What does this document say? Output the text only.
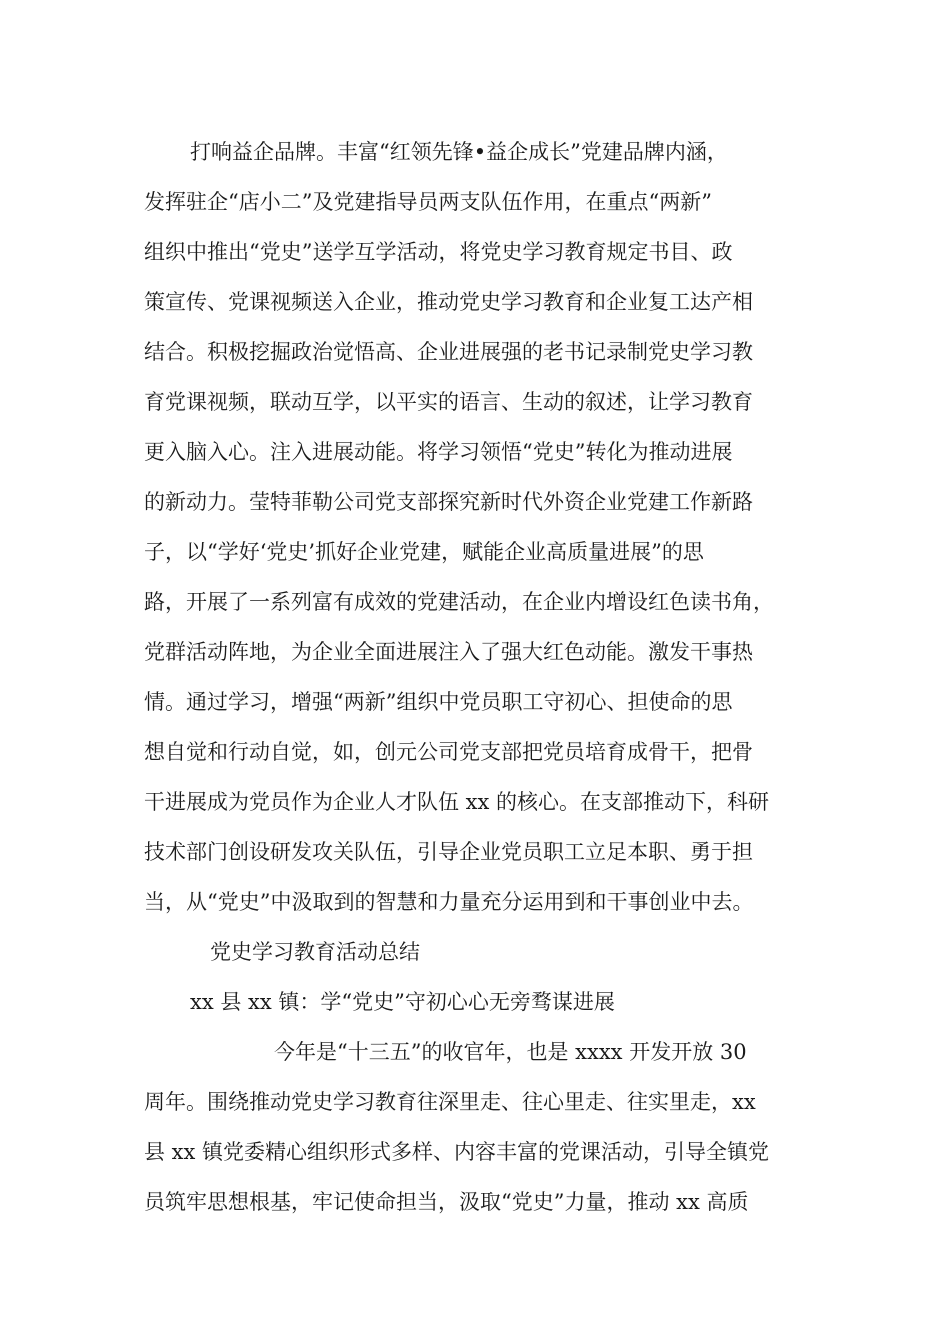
打响益企品牌。丰富“红领先锋•益企成长”党建品牌内涵，
发挥驻企“店小二”及党建指导员两支队伍作用，在重点“两新”
组织中推出“党史”送学互学活动，将党史学习教育规定书目、政
策宣传、党课视频送入企业，推动党史学习教育和企业复工达产相
结合。积极挖掘政治觉悟高、企业进展强的老书记录制党史学习教
育党课视频，联动互学，以平实的语言、生动的叙述，让学习教育
更入脑入心。注入进展动能。将学习领悟“党史”转化为推动进展
的新动力。莹特菲勒公司党支部探究新时代外资企业党建工作新路
子，以“学好‘党史’抓好企业党建，赋能企业高质量进展”的思
路，开展了一系列富有成效的党建活动，在企业内增设红色读书角，
党群活动阵地，为企业全面进展注入了强大红色动能。激发干事热
情。通过学习，增强“两新”组织中党员职工守初心、担使命的思
想自觉和行动自觉，如，创元公司党支部把党员培育成骨干，把骨
干进展成为党员作为企业人才队伍 xx 的核心。在支部推动下，科研
技术部门创设研发攻关队伍，引导企业党员职工立足本职、勇于担
当，从“党史”中汲取到的智慧和力量充分运用到和干事创业中去。
党史学习教育活动总结
xx 县 xx 镇：学“党史”守初心心无旁骛谋进展
今年是“十三五”的收官年，也是 xxxx 开发开放 30
周年。围绕推动党史学习教育往深里走、往心里走、往实里走，xx
县 xx 镇党委精心组织形式多样、内容丰富的党课活动，引导全镇党
员筑牢思想根基，牢记使命担当，汲取“党史”力量，推动 xx 高质
